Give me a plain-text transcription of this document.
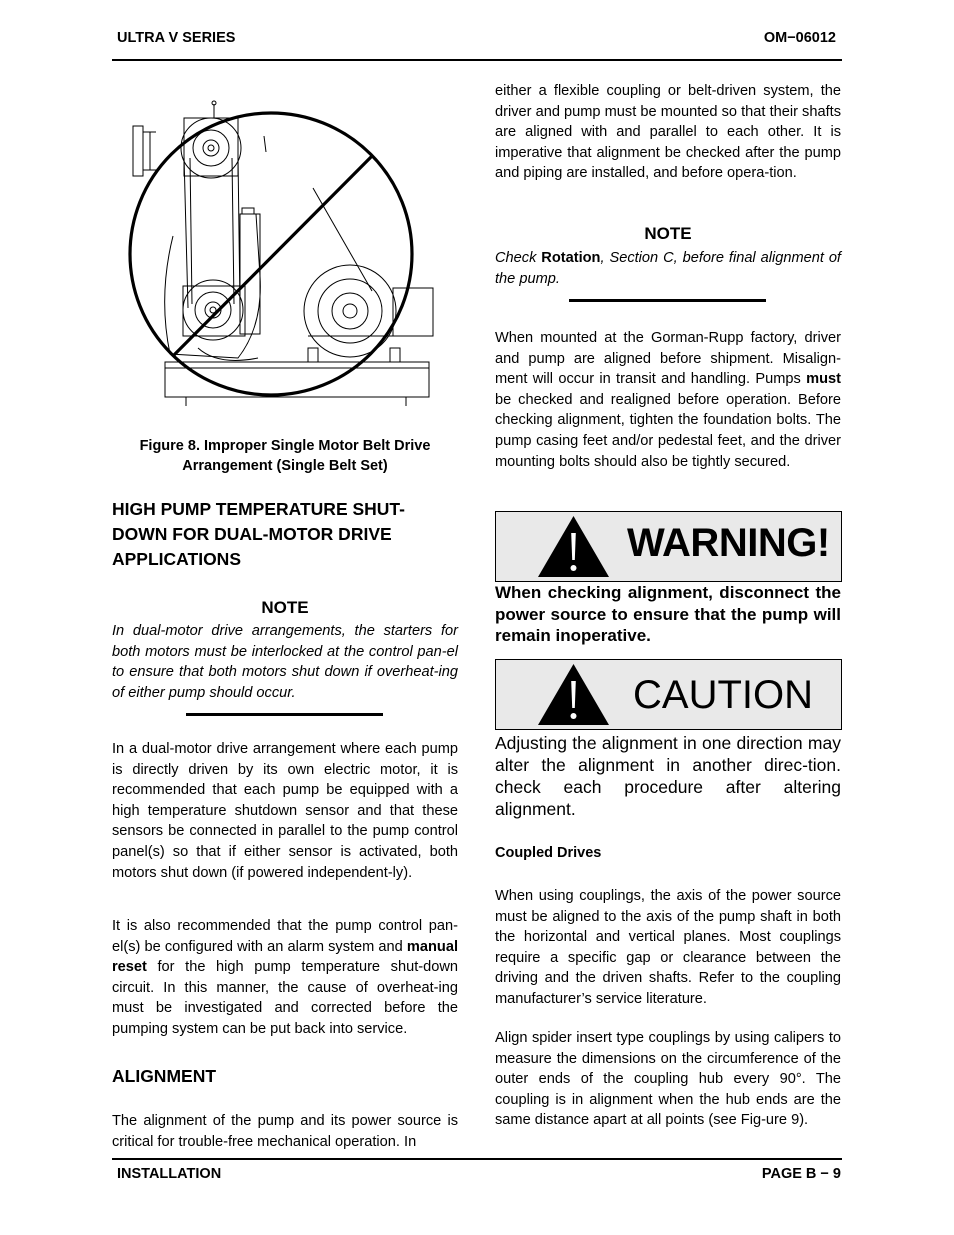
ULTRA V SERIES	OM−06012
Figure 8. Improper Single Motor Belt Drive
Arrangement (Single Belt Set)
HIGH PUMP TEMPERATURE SHUT-DOWN FOR DUAL-MOTOR DRIVE APPLICATIONS
NOTE
In dual-motor drive arrangements, the starters for both motors must be interlocked at the control pan-el to ensure that both motors shut down if overheat-ing of either pump should occur.
In a dual-motor drive arrangement where each pump is directly driven by its own electric motor, it is recommended that each pump be equipped with a high temperature shutdown sensor and that these sensors be connected in parallel to the pump control panel(s) so that if either sensor is activated, both motors shut down (if powered independent-ly).
It is also recommended that the pump control pan-el(s) be configured with an alarm system and manual reset for the high pump temperature shut-down circuit. In this manner, the cause of overheat-ing must be investigated and corrected before the pumping system can be put back into service.
ALIGNMENT
The alignment of the pump and its power source is critical for trouble-free mechanical operation. In
either a flexible coupling or belt-driven system, the driver and pump must be mounted so that their shafts are aligned with and parallel to each other. It is imperative that alignment be checked after the pump and piping are installed, and before opera-tion.
NOTE
Check Rotation, Section C, before final alignment of the pump.
When mounted at the Gorman-Rupp factory, driver and pump are aligned before shipment. Misalign-ment will occur in transit and handling. Pumps must be checked and realigned before operation. Before checking alignment, tighten the foundation bolts. The pump casing feet and/or pedestal feet, and the driver mounting bolts should also be tightly secured.
WARNING!
When checking alignment, disconnect the power source to ensure that the pump will remain inoperative.
CAUTION
Adjusting the alignment in one direction may alter the alignment in another direc-tion. check each procedure after altering alignment.
Coupled Drives
When using couplings, the axis of the power source must be aligned to the axis of the pump shaft in both the horizontal and vertical planes. Most couplings require a specific gap or clearance between the driving and the driven shafts. Refer to the coupling manufacturer’s service literature.
Align spider insert type couplings by using calipers to measure the dimensions on the circumference of the outer ends of the coupling hub every 90°. The coupling is in alignment when the hub ends are the same distance apart at all points (see Fig-ure 9).
INSTALLATION	PAGE B − 9
